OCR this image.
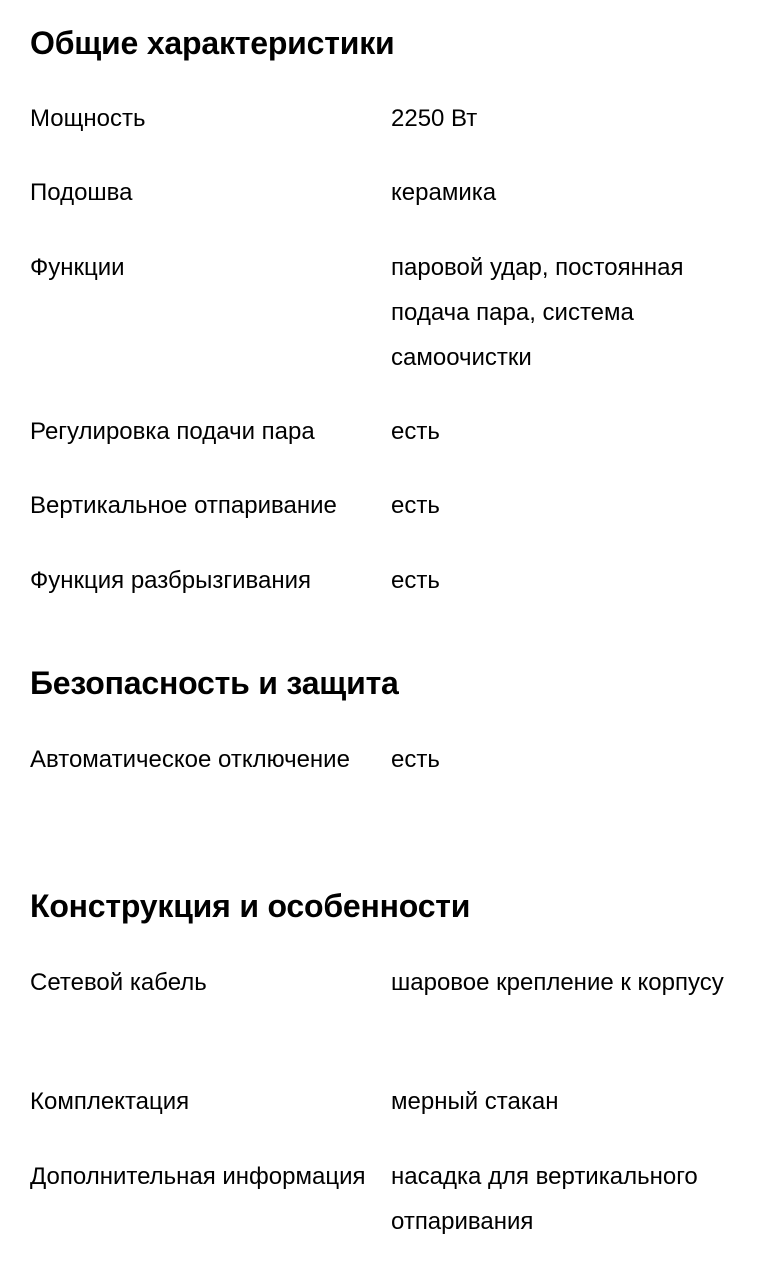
Общие характеристики
Мощность	2250 Вт
Подошва	керамика
Функции	паровой удар, постоянная подача пара, система самоочистки
Регулировка подачи пара	есть
Вертикальное отпаривание	есть
Функция разбрызгивания	есть
Безопасность и защита
Автоматическое отключение	есть
Конструкция и особенности
Сетевой кабель	шаровое крепление к корпусу
Комплектация	мерный стакан
Дополнительная информация	насадка для вертикального отпаривания
